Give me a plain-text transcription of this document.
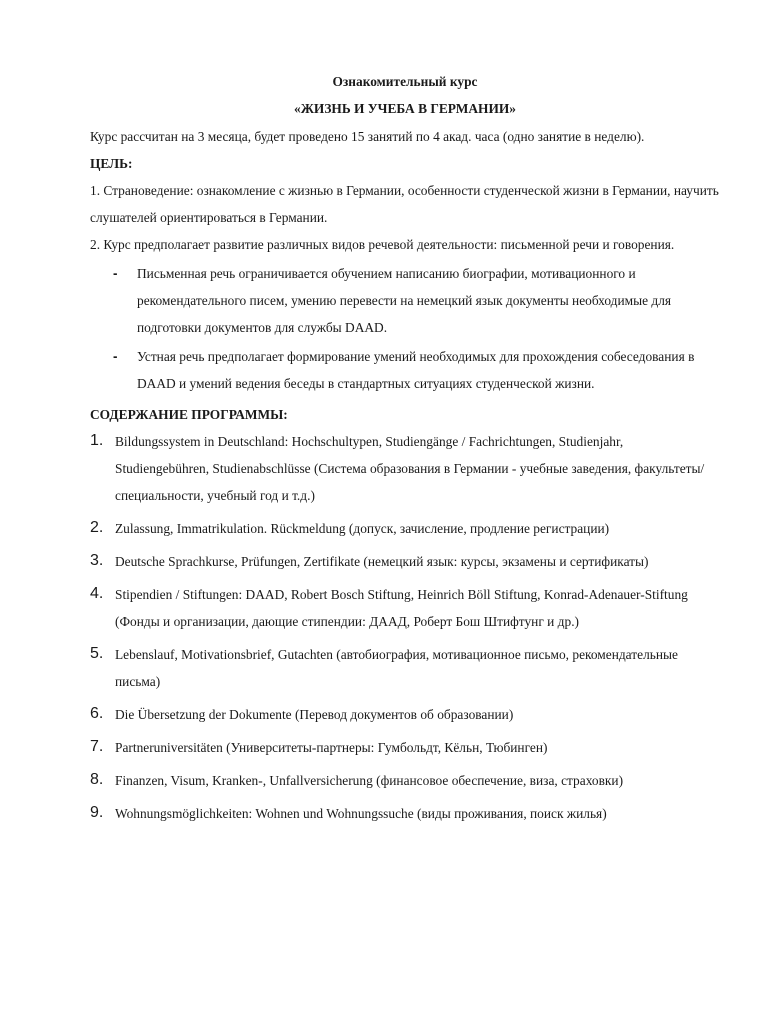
Ознакомительный курс

«ЖИЗНЬ И УЧЕБА В ГЕРМАНИИ»

Курс рассчитан на 3 месяца, будет проведено 15 занятий по 4 акад. часа (одно занятие в неделю).

ЦЕЛЬ:

1. Страноведение: ознакомление с жизнью в Германии, особенности студенческой жизни в Германии, научить слушателей ориентироваться в Германии.

2. Курс предполагает развитие различных видов речевой деятельности: письменной речи и говорения.

- Письменная речь ограничивается обучением написанию биографии, мотивационного и рекомендательного писем, умению перевести на немецкий язык документы необходимые для подготовки документов для службы DAAD.
- Устная речь предполагает формирование умений необходимых для прохождения собеседования в DAAD и умений ведения беседы в стандартных ситуациях студенческой жизни.

СОДЕРЖАНИЕ ПРОГРАММЫ:

1. Bildungssystem in Deutschland: Hochschultypen, Studiengänge / Fachrichtungen, Studienjahr, Studiengebühren, Studienabschlüsse (Система образования в Германии - учебные заведения, факультеты/ специальности, учебный год и т.д.)
2. Zulassung, Immatrikulation. Rückmeldung (допуск, зачисление, продление регистрации)
3. Deutsche Sprachkurse, Prüfungen, Zertifikate (немецкий язык: курсы, экзамены и сертификаты)
4. Stipendien / Stiftungen: DAAD, Robert Bosch Stiftung, Heinrich Böll Stiftung, Konrad-Adenauer-Stiftung (Фонды и организации, дающие стипендии: ДААД, Роберт Бош Штифтунг и др.)
5. Lebenslauf, Motivationsbrief, Gutachten (автобиография, мотивационное письмо, рекомендательные письма)
6. Die Übersetzung der Dokumente (Перевод документов об образовании)
7. Partneruniversitäten (Университеты-партнеры: Гумбольдт, Кёльн, Тюбинген)
8. Finanzen, Visum, Kranken-, Unfallversicherung (финансовое обеспечение, виза, страховки)
9. Wohnungsmöglichkeiten: Wohnen und Wohnungssuche (виды проживания, поиск жилья)
